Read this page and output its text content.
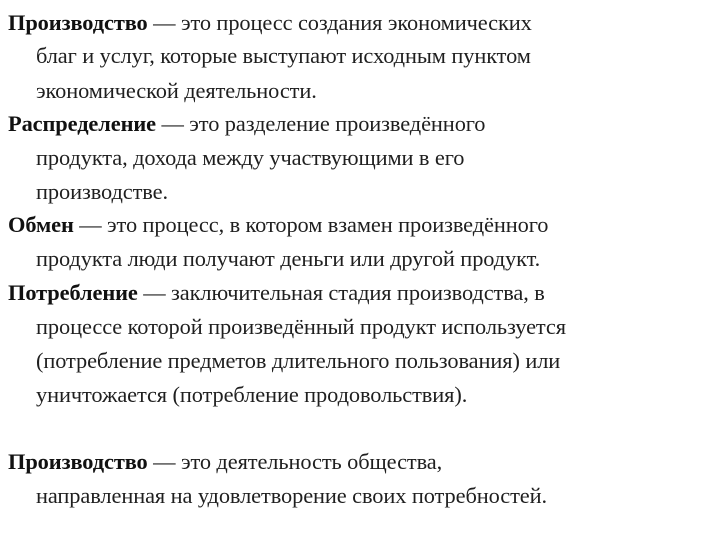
Производство — это процесс создания экономических
благ и услуг, которые выступают исходным пунктом
экономической деятельности.
Распределение — это разделение произведённого
продукта, дохода между участвующими в его
производстве.
Обмен — это процесс, в котором взамен произведённого
продукта люди получают деньги или другой продукт.
Потребление — заключительная стадия производства, в
процессе которой произведённый продукт используется
(потребление предметов длительного пользования) или
уничтожается (потребление продовольствия).
Производство — это деятельность общества,
направленная на удовлетворение своих потребностей.
